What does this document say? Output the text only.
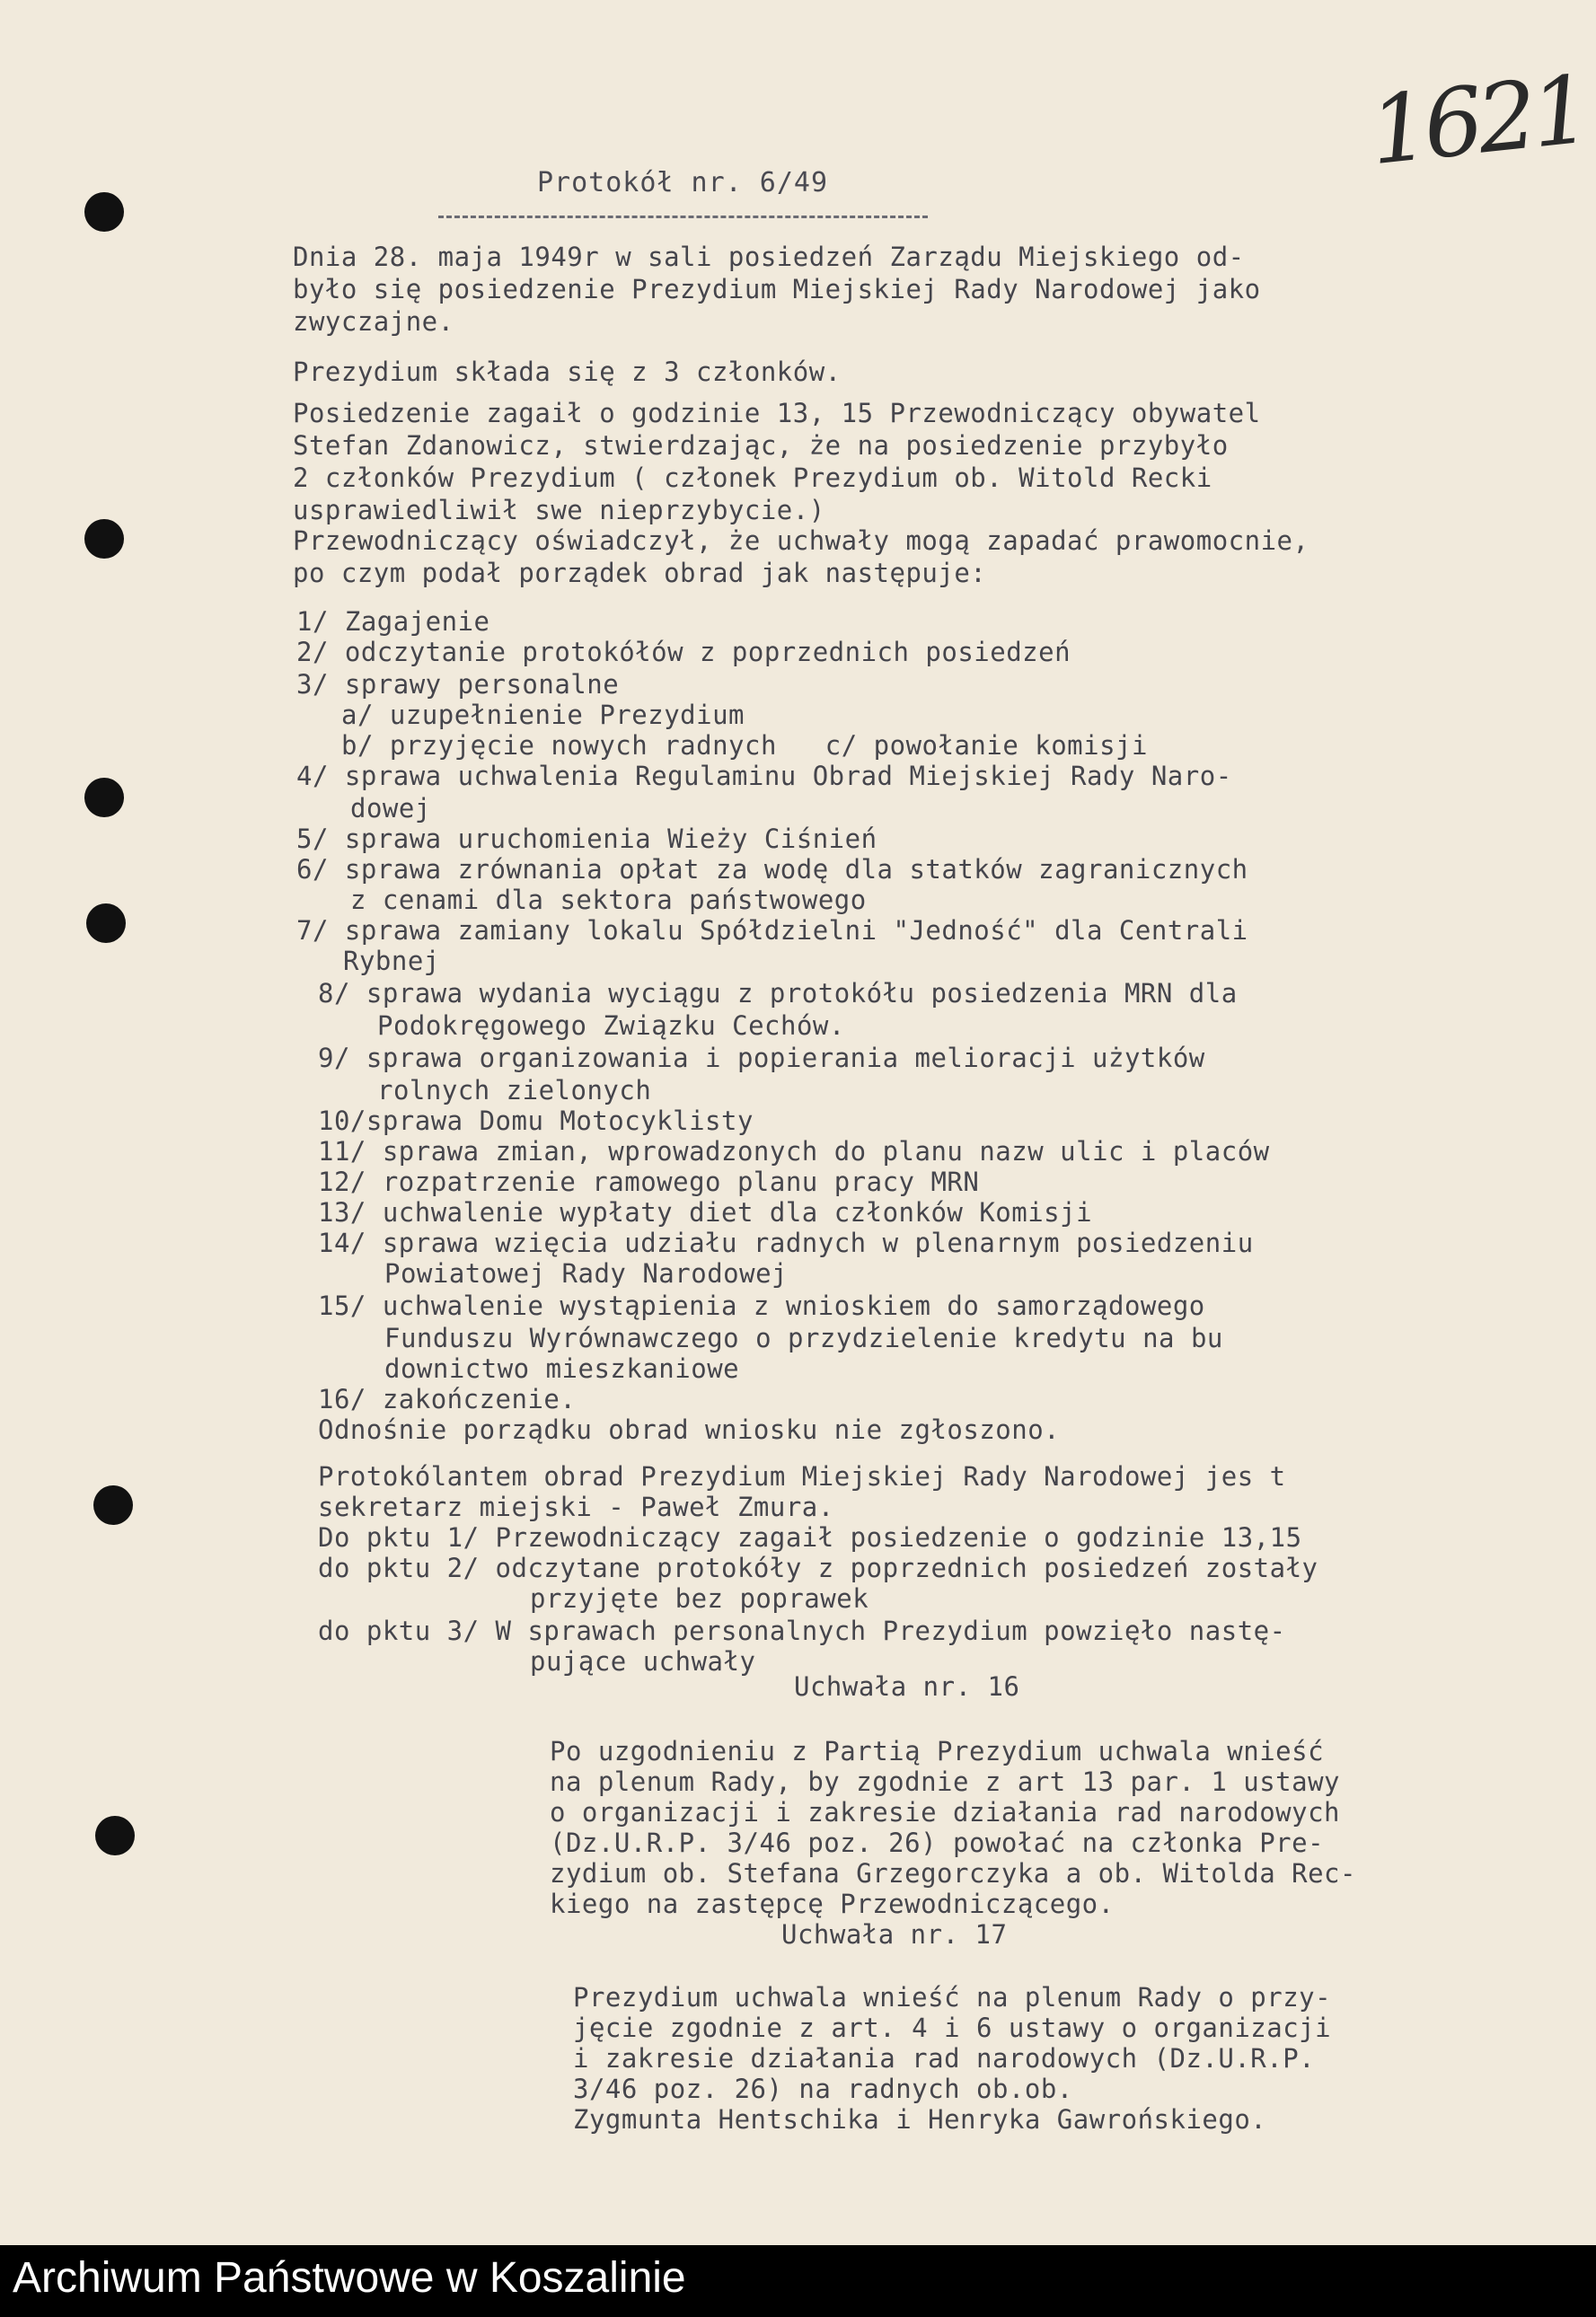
1621
Protokół nr. 6/49
Dnia 28. maja 1949r w sali posiedzeń Zarządu Miejskiego od-
było się posiedzenie Prezydium Miejskiej Rady Narodowej jako
zwyczajne.
Prezydium składa się z 3 członków.
Posiedzenie zagaił o godzinie 13, 15 Przewodniczący obywatel
Stefan Zdanowicz, stwierdzając, że na posiedzenie przybyło
2 członków Prezydium ( członek Prezydium ob. Witold Recki
usprawiedliwił swe nieprzybycie.)
Przewodniczący oświadczył, że uchwały mogą zapadać prawomocnie,
po czym podał porządek obrad jak następuje:
1/ Zagajenie
2/ odczytanie protokółów z poprzednich posiedzeń
3/ sprawy personalne
a/ uzupełnienie Prezydium
b/ przyjęcie nowych radnych   c/ powołanie komisji
4/ sprawa uchwalenia Regulaminu Obrad Miejskiej Rady Naro-
dowej
5/ sprawa uruchomienia Wieży Ciśnień
6/ sprawa zrównania opłat za wodę dla statków zagranicznych
z cenami dla sektora państwowego
7/ sprawa zamiany lokalu Spółdzielni "Jedność" dla Centrali
Rybnej
8/ sprawa wydania wyciągu z protokółu posiedzenia MRN dla
Podokręgowego Związku Cechów.
9/ sprawa organizowania i popierania melioracji użytków
rolnych zielonych
10/sprawa Domu Motocyklisty
11/ sprawa zmian, wprowadzonych do planu nazw ulic i placów
12/ rozpatrzenie ramowego planu pracy MRN
13/ uchwalenie wypłaty diet dla członków Komisji
14/ sprawa wzięcia udziału radnych w plenarnym posiedzeniu
Powiatowej Rady Narodowej
15/ uchwalenie wystąpienia z wnioskiem do samorządowego
Funduszu Wyrównawczego o przydzielenie kredytu na bu
downictwo mieszkaniowe
16/ zakończenie.
Odnośnie porządku obrad wniosku nie zgłoszono.
Protokólantem obrad Prezydium Miejskiej Rady Narodowej jes t
sekretarz miejski - Paweł Zmura.
Do pktu 1/ Przewodniczący zagaił posiedzenie o godzinie 13,15
do pktu 2/ odczytane protokóły z poprzednich posiedzeń zostały
przyjęte bez poprawek
do pktu 3/ W sprawach personalnych Prezydium powzięło nastę-
pujące uchwały
Uchwała nr. 16
Po uzgodnieniu z Partią Prezydium uchwala wnieść
na plenum Rady, by zgodnie z art 13 par. 1 ustawy
o organizacji i zakresie działania rad narodowych
(Dz.U.R.P. 3/46 poz. 26) powołać na członka Pre-
zydium ob. Stefana Grzegorczyka a ob. Witolda Rec-
kiego na zastępcę Przewodniczącego.
Uchwała nr. 17
Prezydium uchwala wnieść na plenum Rady o przy-
jęcie zgodnie z art. 4 i 6 ustawy o organizacji
i zakresie działania rad narodowych (Dz.U.R.P.
3/46 poz. 26) na radnych ob.ob.
Zygmunta Hentschika i Henryka Gawrońskiego.
Archiwum Państwowe w Koszalinie
